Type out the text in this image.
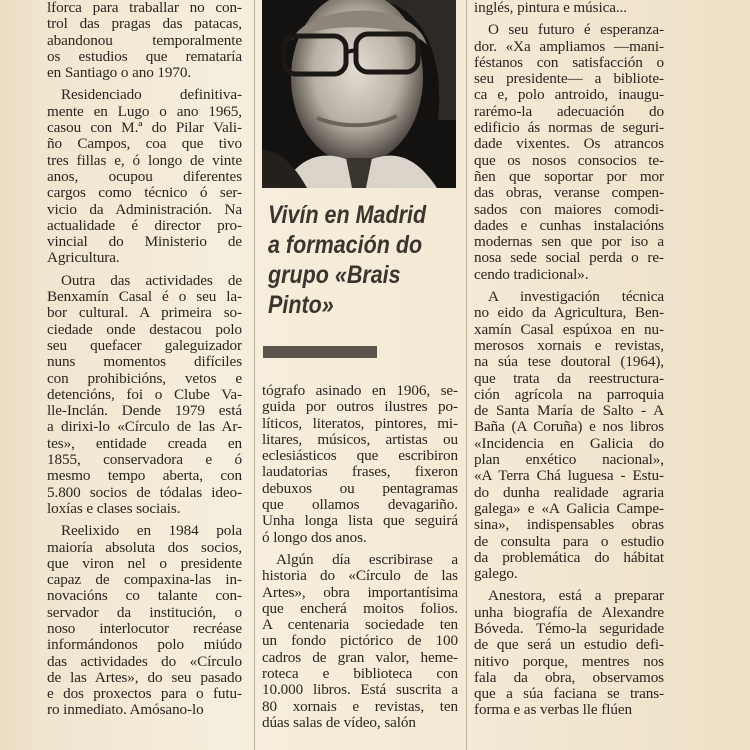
lforca para traballar no con-
trol das pragas das patacas,
abandonou temporalmente
os estudios que remataría
en Santiago o ano 1970.

Residenciado definitiva-
mente en Lugo o ano 1965,
casou con M.ª do Pilar Vali-
ño Campos, coa que tivo
tres fillas e, ó longo de vinte
anos, ocupou diferentes
cargos como técnico ó ser-
vicio da Administración. Na
actualidade é director pro-
vincial do Ministerio de
Agricultura.

Outra das actividades de
Benxamín Casal é o seu la-
bor cultural. A primeira so-
ciedade onde destacou polo
seu quefacer galeguizador
nuns momentos difíciles
con prohibicións, vetos e
detencións, foi o Clube Va-
lle-Inclán. Dende 1979 está
a dirixi-lo «Círculo de las Ar-
tes», entidade creada en
1855, conservadora e ó
mesmo tempo aberta, con
5.800 socios de tódalas ideo-
loxías e clases sociais.

Reelixido en 1984 pola
maioría absoluta dos socios,
que viron nel o presidente
capaz de compaxina-las in-
novacións co talante con-
servador da institución, o
noso interlocutor recréase
informándonos polo miúdo
das actividades do «Círculo
de las Artes», do seu pasado
e dos proxectos para o futu-
ro inmediato. Amósano-lo

Vivín en Madrid
a formación do
grupo «Brais
Pinto»

tógrafo asinado en 1906, se-
guida por outros ilustres po-
líticos, literatos, pintores, mi-
litares, músicos, artistas ou
eclesiásticos que escribiron
laudatorias frases, fixeron
debuxos ou pentagramas
que ollamos devagariño.
Unha longa lista que seguirá
ó longo dos anos.

Algún día escribirase a
historia do «Círculo de las
Artes», obra importantísima
que encherá moitos folios.
A centenaria sociedade ten
un fondo pictórico de 100
cadros de gran valor, heme-
roteca e biblioteca con
10.000 libros. Está suscrita a
80 xornais e revistas, ten
dúas salas de vídeo, salón

inglés, pintura e música...

O seu futuro é esperanza-
dor. «Xa ampliamos —mani-
féstanos con satisfacción o
seu presidente— a bibliote-
ca e, polo antroido, inaugu-
rarémo-la adecuación do
edificio ás normas de seguri-
dade vixentes. Os atrancos
que os nosos consocios te-
ñen que soportar por mor
das obras, veranse compen-
sados con maiores comodi-
dades e cunhas instalacións
modernas sen que por iso a
nosa sede social perda o re-
cendo tradicional».

A investigación técnica
no eido da Agricultura, Ben-
xamín Casal espúxoa en nu-
merosos xornais e revistas,
na súa tese doutoral (1964),
que trata da reestructura-
ción agrícola na parroquia
de Santa María de Salto - A
Baña (A Coruña) e nos libros
«Incidencia en Galicia do
plan enxético nacional»,
«A Terra Chá luguesa - Estu-
do dunha realidade agraria
galega» e «A Galicia Campe-
sina», indispensables obras
de consulta para o estudio
da problemática do hábitat
galego.

Anestora, está a preparar
unha biografía de Alexandre
Bóveda. Témo-la seguridade
de que será un estudio defi-
nitivo porque, mentres nos
fala da obra, observamos
que a súa faciana se trans-
forma e as verbas lle flúen
